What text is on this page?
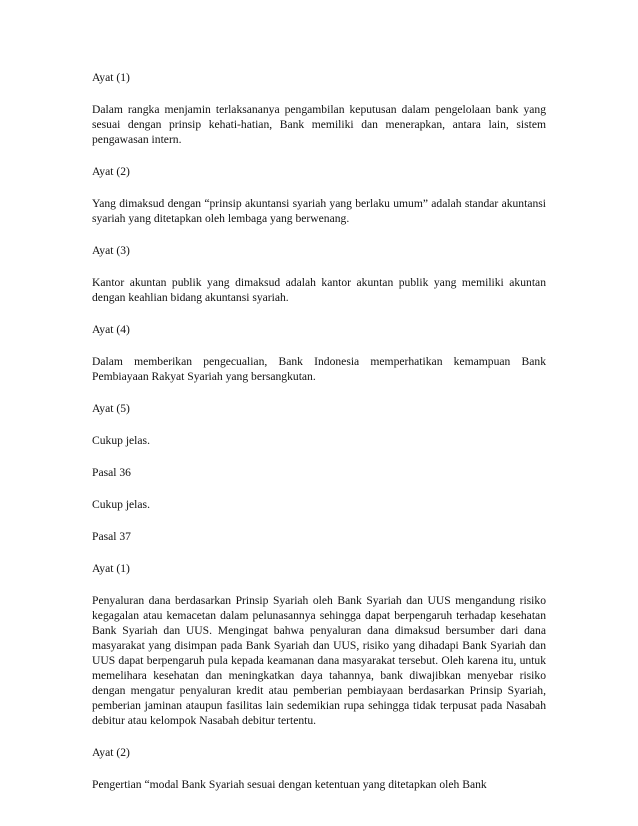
Ayat (1)

Dalam rangka menjamin terlaksananya pengambilan keputusan dalam pengelolaan bank yang sesuai dengan prinsip kehati-hatian, Bank memiliki dan menerapkan, antara lain, sistem pengawasan intern.

Ayat (2)

Yang dimaksud dengan “prinsip akuntansi syariah yang berlaku umum” adalah standar akuntansi syariah yang ditetapkan oleh lembaga yang berwenang.

Ayat (3)

Kantor akuntan publik yang dimaksud adalah kantor akuntan publik yang memiliki akuntan dengan keahlian bidang akuntansi syariah.

Ayat (4)

Dalam memberikan pengecualian, Bank Indonesia memperhatikan kemampuan Bank Pembiayaan Rakyat Syariah yang bersangkutan.

Ayat (5)

Cukup jelas.

Pasal 36

Cukup jelas.

Pasal 37

Ayat (1)

Penyaluran dana berdasarkan Prinsip Syariah oleh Bank Syariah dan UUS mengandung risiko kegagalan atau kemacetan dalam pelunasannya sehingga dapat berpengaruh terhadap kesehatan Bank Syariah dan UUS. Mengingat bahwa penyaluran dana dimaksud bersumber dari dana masyarakat yang disimpan pada Bank Syariah dan UUS, risiko yang dihadapi Bank Syariah dan UUS dapat berpengaruh pula kepada keamanan dana masyarakat tersebut. Oleh karena itu, untuk memelihara kesehatan dan meningkatkan daya tahannya, bank diwajibkan menyebar risiko dengan mengatur penyaluran kredit atau pemberian pembiayaan berdasarkan Prinsip Syariah, pemberian jaminan ataupun fasilitas lain sedemikian rupa sehingga tidak terpusat pada Nasabah debitur atau kelompok Nasabah debitur tertentu.

Ayat (2)

Pengertian “modal Bank Syariah sesuai dengan ketentuan yang ditetapkan oleh Bank
